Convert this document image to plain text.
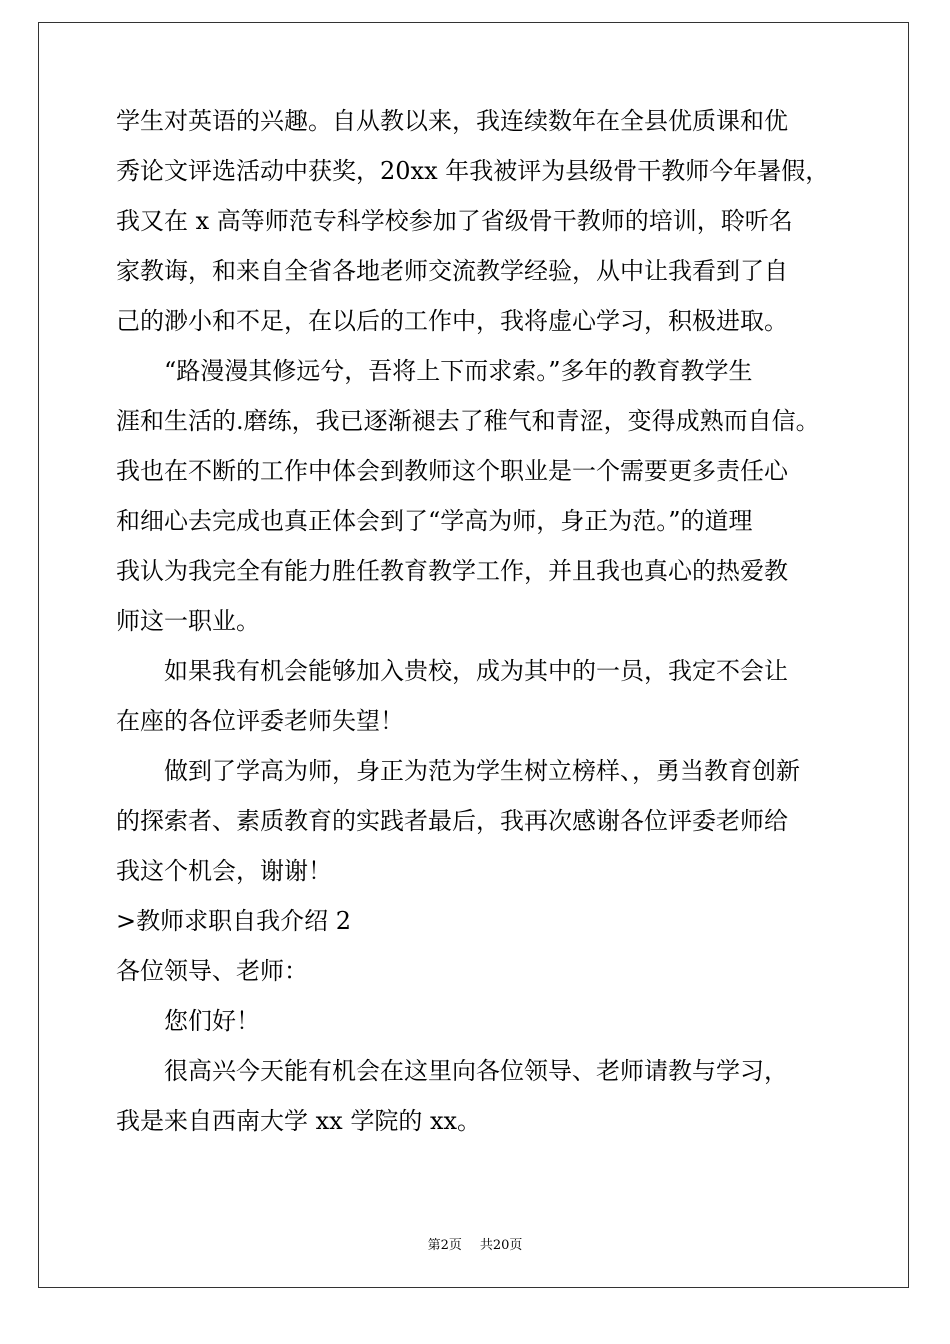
学生对英语的兴趣。自从教以来，我连续数年在全县优质课和优
秀论文评选活动中获奖，20xx 年我被评为县级骨干教师今年暑假，
我又在 x 高等师范专科学校参加了省级骨干教师的培训，聆听名
家教诲，和来自全省各地老师交流教学经验，从中让我看到了自
己的渺小和不足，在以后的工作中，我将虚心学习，积极进取。
“路漫漫其修远兮，吾将上下而求索。”多年的教育教学生
涯和生活的.磨练，我已逐渐褪去了稚气和青涩，变得成熟而自信。
我也在不断的工作中体会到教师这个职业是一个需要更多责任心
和细心去完成也真正体会到了“学高为师，身正为范。”的道理
我认为我完全有能力胜任教育教学工作，并且我也真心的热爱教
师这一职业。
如果我有机会能够加入贵校，成为其中的一员，我定不会让
在座的各位评委老师失望！
做到了学高为师，身正为范为学生树立榜样、，勇当教育创新
的探索者、素质教育的实践者最后，我再次感谢各位评委老师给
我这个机会，谢谢！
>教师求职自我介绍 2
各位领导、老师：
您们好！
很高兴今天能有机会在这里向各位领导、老师请教与学习，
我是来自西南大学 xx 学院的 xx。
第2页 共20页
